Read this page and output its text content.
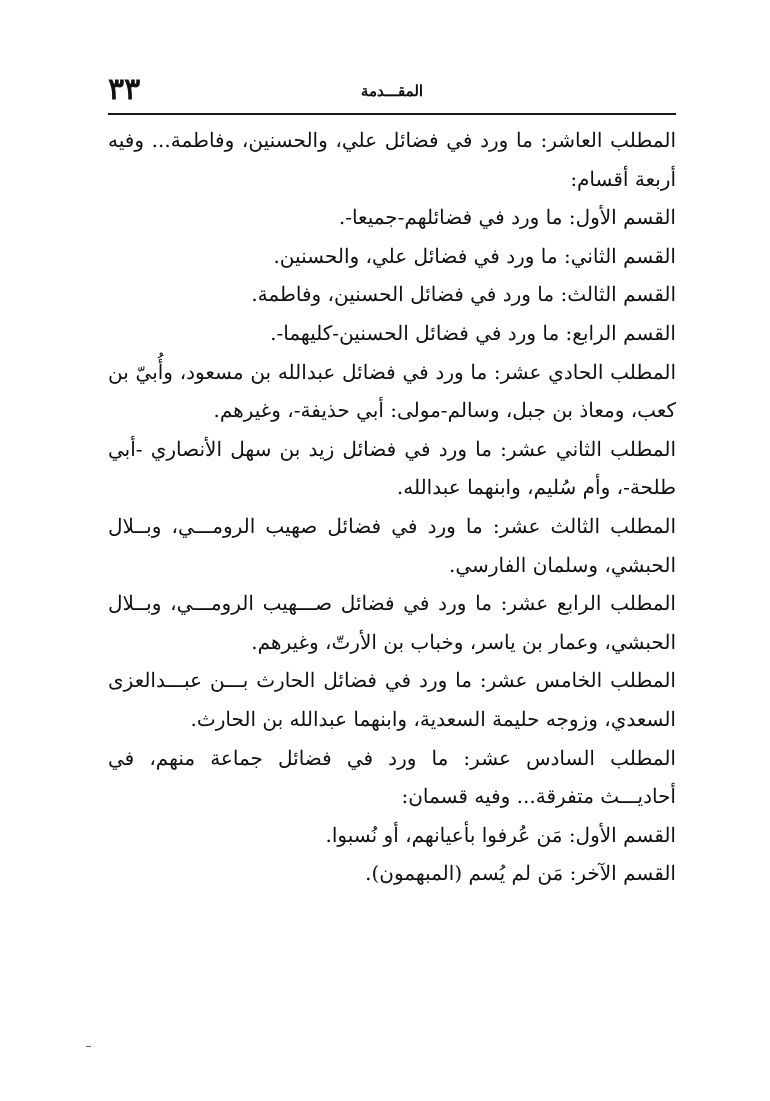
٣٣	المقـــدمة

المطلب العاشر: ما ورد في فضائل علي، والحسنين، وفاطمة... وفيه أربعة أقسام:

القسم الأول: ما ورد في فضائلهم-جميعا-.

القسم الثاني: ما ورد في فضائل علي، والحسنين.

القسم الثالث: ما ورد في فضائل الحسنين، وفاطمة.

القسم الرابع: ما ورد في فضائل الحسنين-كليهما-.

المطلب الحادي عشر: ما ورد في فضائل عبدالله بن مسعود، وأُبيّ بن كعب، ومعاذ بن جبل، وسالم-مولى: أبي حذيفة-، وغيرهم.

المطلب الثاني عشر: ما ورد في فضائل زيد بن سهل الأنصاري -أبي طلحة-، وأم سُليم، وابنهما عبدالله.

المطلب الثالث عشر: ما ورد في فضائل صهيب الرومـــي، وبــلال الحبشي، وسلمان الفارسي.

المطلب الرابع عشر: ما ورد في فضائل صـــهيب الرومـــي، وبــلال الحبشي، وعمار بن ياسر، وخباب بن الأرتّ، وغيرهم.

المطلب الخامس عشر: ما ورد في فضائل الحارث بـــن عبـــدالعزى السعدي، وزوجه حليمة السعدية، وابنهما عبدالله بن الحارث.

المطلب السادس عشر: ما ورد في فضائل جماعة منهم، في أحاديـــث متفرقة... وفيه قسمان:

القسم الأول: مَن عُرفوا بأعيانهم، أو نُسبوا.

القسم الآخر: مَن لم يُسم (المبهمون).
